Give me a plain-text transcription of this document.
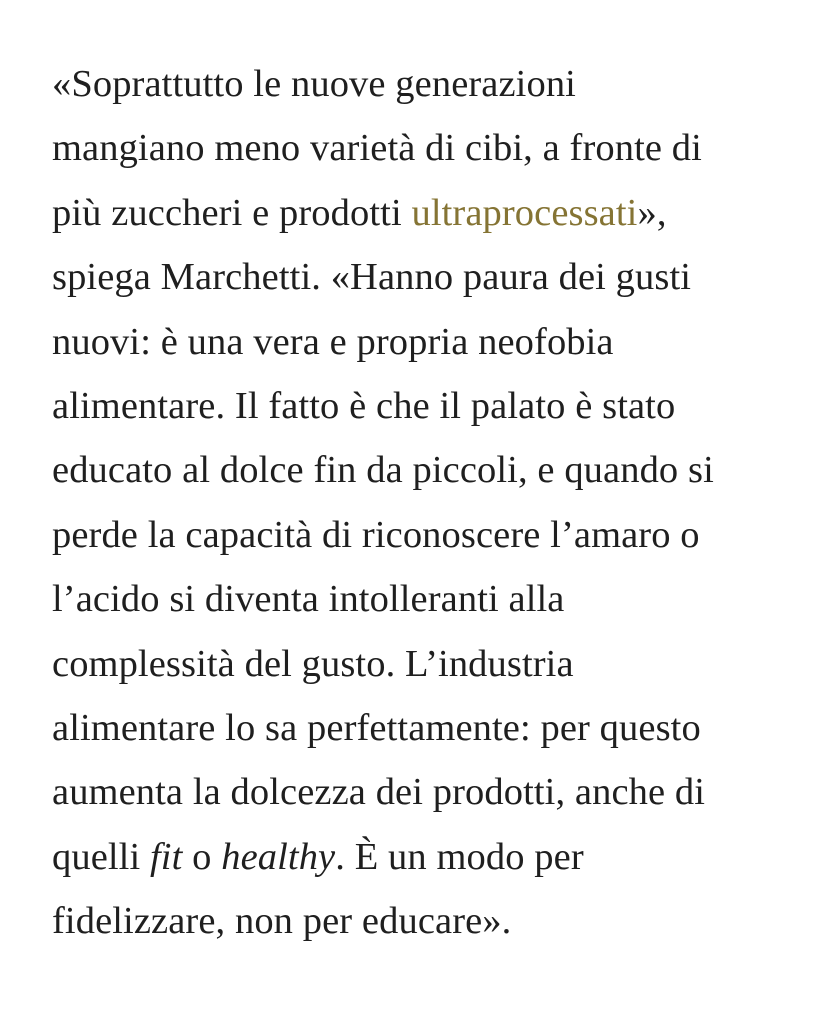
«Soprattutto le nuove generazioni
mangiano meno varietà di cibi, a fronte di
più zuccheri e prodotti ultraprocessati»,
spiega Marchetti. «Hanno paura dei gusti
nuovi: è una vera e propria neofobia
alimentare. Il fatto è che il palato è stato
educato al dolce fin da piccoli, e quando si
perde la capacità di riconoscere l’amaro o
l’acido si diventa intolleranti alla
complessità del gusto. L’industria
alimentare lo sa perfettamente: per questo
aumenta la dolcezza dei prodotti, anche di
quelli fit o healthy. È un modo per
fidelizzare, non per educare».
